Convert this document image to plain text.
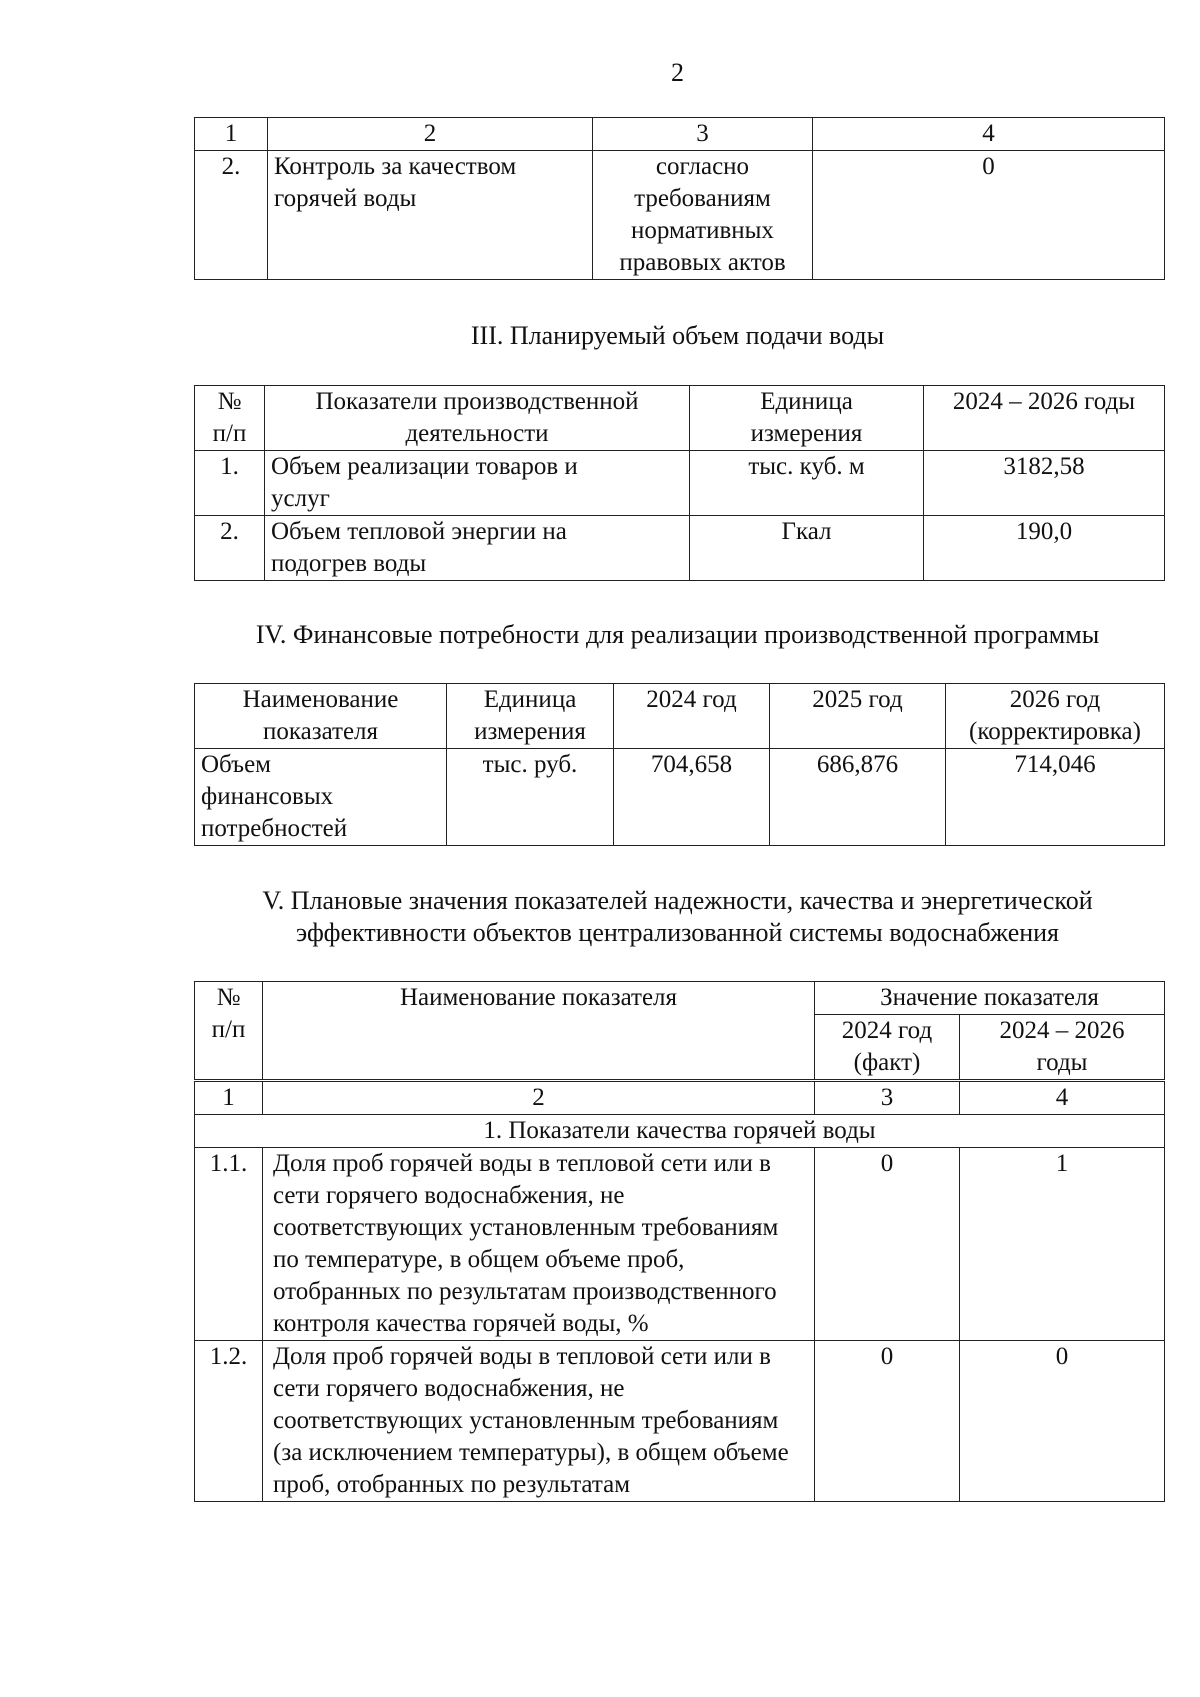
2
1	2	3	4
2.	Контроль за качеством горячей воды	согласно требованиям нормативных правовых актов	0
III. Планируемый объем подачи воды
№ п/п	Показатели производственной деятельности	Единица измерения	2024 – 2026 годы
1.	Объем реализации товаров и услуг	тыс. куб. м	3182,58
2.	Объем тепловой энергии на подогрев воды	Гкал	190,0
IV. Финансовые потребности для реализации производственной программы
Наименование показателя	Единица измерения	2024 год	2025 год	2026 год (корректировка)
Объем финансовых потребностей	тыс. руб.	704,658	686,876	714,046
V. Плановые значения показателей надежности, качества и энергетической
эффективности объектов централизованной системы водоснабжения
№ п/п	Наименование показателя	Значение показателя	
		2024 год (факт)	2024 – 2026 годы
1	2	3	4
1. Показатели качества горячей воды			
1.1.	Доля проб горячей воды в тепловой сети или в сети горячего водоснабжения, не соответствующих установленным требованиям по температуре, в общем объеме проб, отобранных по результатам производственного контроля качества горячей воды, %	0	1
1.2.	Доля проб горячей воды в тепловой сети или в сети горячего водоснабжения, не соответствующих установленным требованиям (за исключением температуры), в общем объеме проб, отобранных по результатам	0	0
